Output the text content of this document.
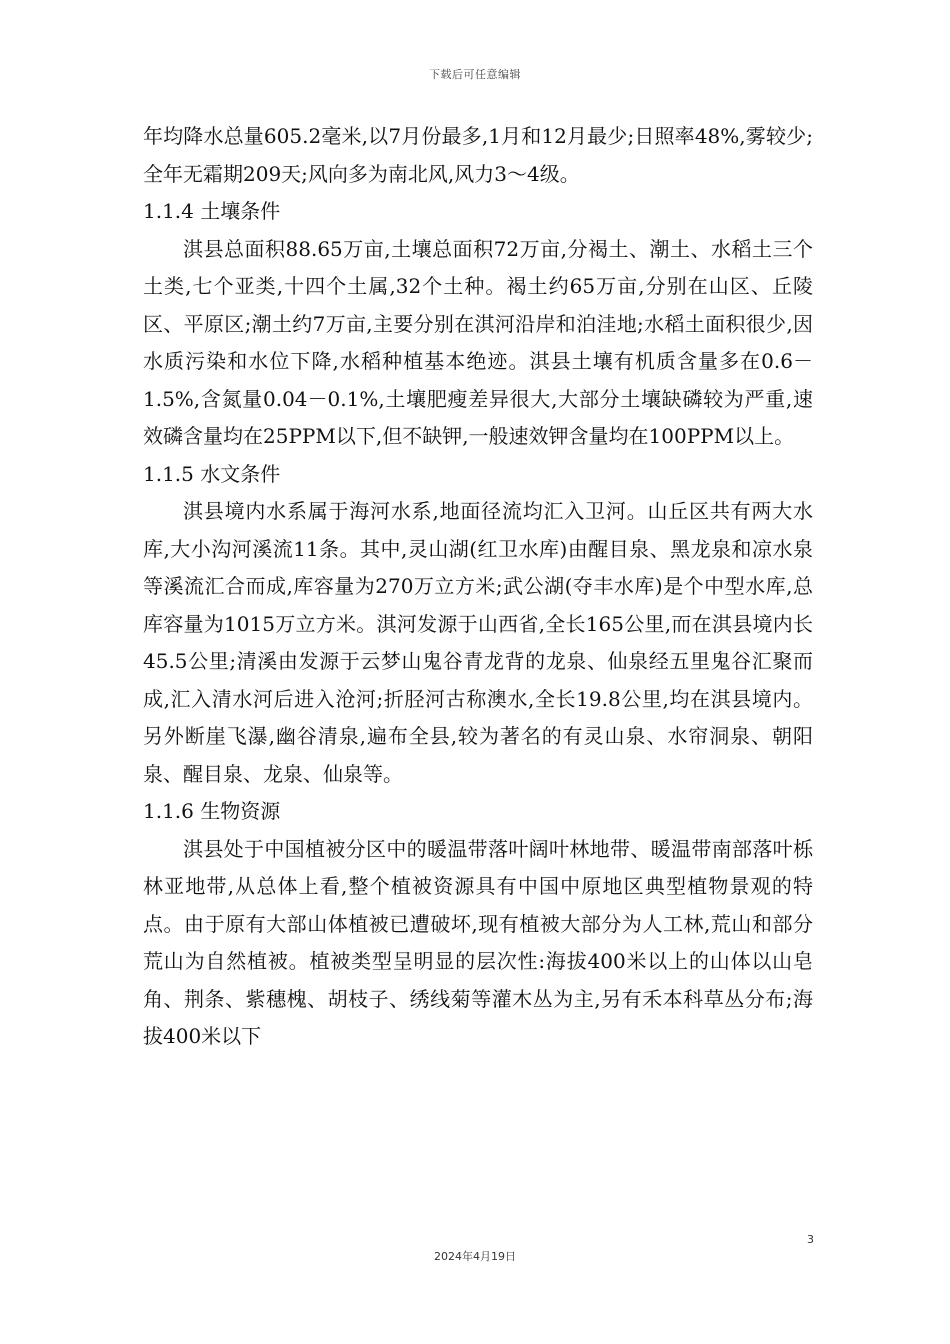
下载后可任意编辑

年均降水总量605.2毫米,以7月份最多,1月和12月最少;日照率48%,雾较少;全年无霜期209天;风向多为南北风,风力3～4级。

1.1.4 土壤条件

淇县总面积88.65万亩,土壤总面积72万亩,分褐土、潮土、水稻土三个土类,七个亚类,十四个土属,32个土种。褐土约65万亩,分别在山区、丘陵区、平原区;潮土约7万亩,主要分别在淇河沿岸和泊洼地;水稻土面积很少,因水质污染和水位下降,水稻种植基本绝迹。淇县土壤有机质含量多在0.6－1.5%,含氮量0.04－0.1%,土壤肥瘦差异很大,大部分土壤缺磷较为严重,速效磷含量均在25PPM以下,但不缺钾,一般速效钾含量均在100PPM以上。

1.1.5 水文条件

淇县境内水系属于海河水系,地面径流均汇入卫河。山丘区共有两大水库,大小沟河溪流11条。其中,灵山湖(红卫水库)由醒目泉、黑龙泉和凉水泉等溪流汇合而成,库容量为270万立方米;武公湖(夺丰水库)是个中型水库,总库容量为1015万立方米。淇河发源于山西省,全长165公里,而在淇县境内长45.5公里;清溪由发源于云梦山鬼谷青龙背的龙泉、仙泉经五里鬼谷汇聚而成,汇入清水河后进入沧河;折胫河古称澳水,全长19.8公里,均在淇县境内。另外断崖飞瀑,幽谷清泉,遍布全县,较为著名的有灵山泉、水帘洞泉、朝阳泉、醒目泉、龙泉、仙泉等。

1.1.6 生物资源

淇县处于中国植被分区中的暖温带落叶阔叶林地带、暖温带南部落叶栎林亚地带,从总体上看,整个植被资源具有中国中原地区典型植物景观的特点。由于原有大部山体植被已遭破坏,现有植被大部分为人工林,荒山和部分荒山为自然植被。植被类型呈明显的层次性:海拔400米以上的山体以山皂角、荆条、紫穗槐、胡枝子、绣线菊等灌木丛为主,另有禾本科草丛分布;海拔400米以下

3
2024年4月19日
